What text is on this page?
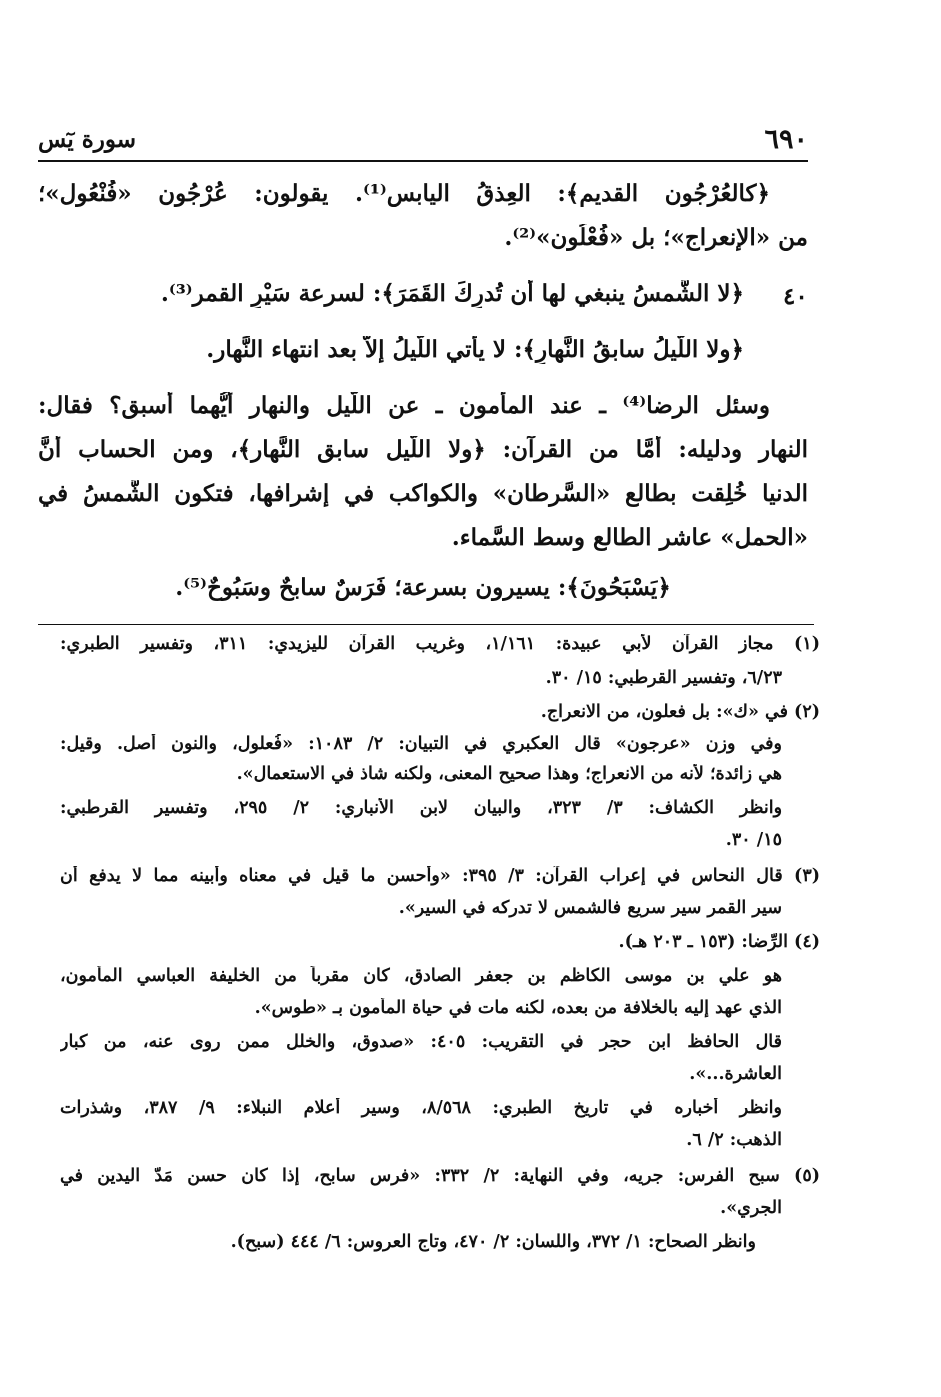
٦٩٠
سورة يٓس
٤٠
﴿كالعُرْجُون القديم﴾: العِذقُ اليابس⁽¹⁾. يقولون: عُرْجُون «فُنْعُول»؛
من «الإنعراج»؛ بل «فُعْلُون»⁽²⁾.
﴿لا الشَّمسُ ينبغي لها أن تُدرِكَ القَمَرَ﴾: لسرعة سَيْرِ القمر⁽³⁾.
﴿ولا اللَّيلُ سابقُ النَّهارِ﴾: لا يأتي اللَّيلُ إلاَّ بعد انتهاء النَّهار.
وسئل الرضا⁽⁴⁾ ـ عند المأمون ـ عن اللَّيل والنهار أيُّهما أسبق؟ فقال:
النهار ودليله: أمَّا من القرآن: ﴿ولا اللَّيل سابق النَّهار﴾، ومن الحساب أنَّ
الدنيا خُلِقت بطالع «السَّرطان» والكواكب في إشرافها، فتكون الشَّمسُ في
«الحمل» عاشر الطالع وسط السَّماء.
﴿يَسْبَحُونَ﴾: يسيرون بسرعة؛ فَرَسٌ سابحٌ وسَبُوحٌ⁽⁵⁾.
(١) مجاز القرآن لأبي عبيدة: ١/١٦١، وغريب القرآن لليزيدي: ٣١١، وتفسير الطبري:
٦/٢٣، وتفسير القرطبي: ١٥/ ٣٠.
(٢) في «ك»: بل فعلون، من الانعراج.
وفي وزن «عرجون» قال العكبري في التبيان: ٢/ ١٠٨٣: «فُعلول، والنون أصل. وقيل:
هي زائدة؛ لأنه من الانعراج؛ وهذا صحيح المعنى، ولكنه شاذ في الاستعمال».
وانظر الكشاف: ٣/ ٣٢٣، والبيان لابن الأنباري: ٢/ ٢٩٥، وتفسير القرطبي:
١٥/ ٣٠.
(٣) قال النحاس في إعراب القرآن: ٣/ ٣٩٥: «وأحسن ما قيل في معناه وأبينه مما لا يدفع أن
سير القمر سير سريع فالشمس لا تدركه في السير».
(٤) الرِّضا: (١٥٣ ـ ٢٠٣ هـ).
هو علي بن موسى الكاظم بن جعفر الصادق، كان مقرباً من الخليفة العباسي المأمون،
الذي عهد إليه بالخلافة من بعده، لكنه مات في حياة المأمون بـ «طوس».
قال الحافظ ابن حجر في التقريب: ٤٠٥: «صدوق، والخلل ممن روى عنه، من كبار
العاشرة...».
وانظر أخباره في تاريخ الطبري: ٨/٥٦٨، وسير أعلام النبلاء: ٩/ ٣٨٧، وشذرات
الذهب: ٢/ ٦.
(٥) سبح الفرس: جريه، وفي النهاية: ٢/ ٣٣٢: «فرس سابح، إذا كان حسن مَدّ اليدين في
الجري».
وانظر الصحاح: ١/ ٣٧٢، واللسان: ٢/ ٤٧٠، وتاج العروس: ٦/ ٤٤٤ (سبح).
